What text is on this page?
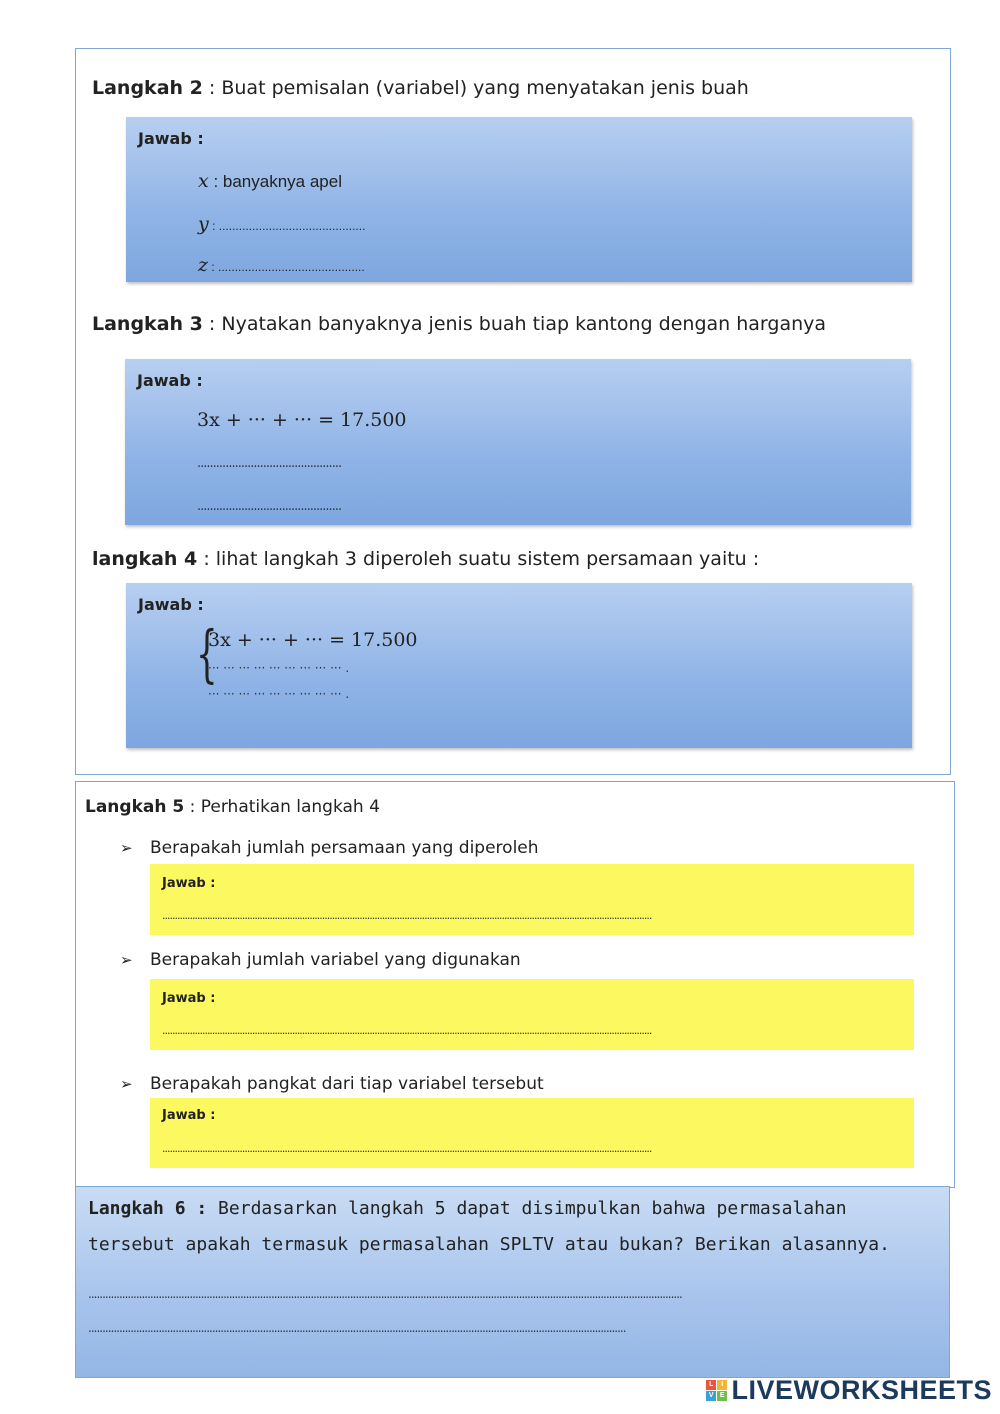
Langkah 2 : Buat pemisalan (variabel) yang menyatakan jenis buah
Jawab :
x : banyaknya apel
y : ............................................
z : ............................................
Langkah 3 : Nyatakan banyaknya jenis buah tiap kantong dengan harganya
Jawab :
3x + ··· + ··· = 17.500
..............................................
..............................................
langkah 4 : lihat langkah 3 diperoleh suatu sistem persamaan yaitu :
Jawab :
{
3x + ··· + ··· = 17.500
··· ··· ··· ··· ··· ··· ··· ··· ··· .
··· ··· ··· ··· ··· ··· ··· ··· ··· .
Langkah 5 : Perhatikan langkah 4
➢ Berapakah jumlah persamaan yang diperoleh
Jawab :
....................................................................................................................................................................................................
➢ Berapakah jumlah variabel yang digunakan
Jawab :
....................................................................................................................................................................................................
➢ Berapakah pangkat dari tiap variabel tersebut
Jawab :
....................................................................................................................................................................................................
Langkah 6 : Berdasarkan langkah 5 dapat disimpulkan bahwa permasalahan
tersebut apakah termasuk permasalahan SPLTV atau bukan? Berikan alasannya.
...................................................................................................................................................................................................................
...............................................................................................................................................................................................
L	I
V E LIVEWORKSHEETS
